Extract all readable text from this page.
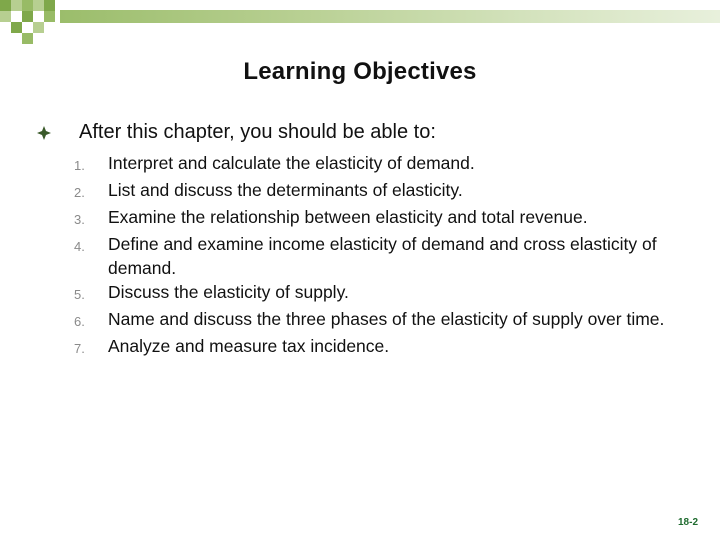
Learning Objectives
After this chapter, you should be able to:
1.	Interpret and calculate the elasticity of demand.
2.	List and discuss the determinants of elasticity.
3.	Examine the relationship between elasticity and total revenue.
4.	Define and examine income elasticity of demand and cross elasticity of demand.
5.	Discuss the elasticity of supply.
6.	Name and discuss the three phases of the elasticity of supply over time.
7.	Analyze and measure tax incidence.
18-2
